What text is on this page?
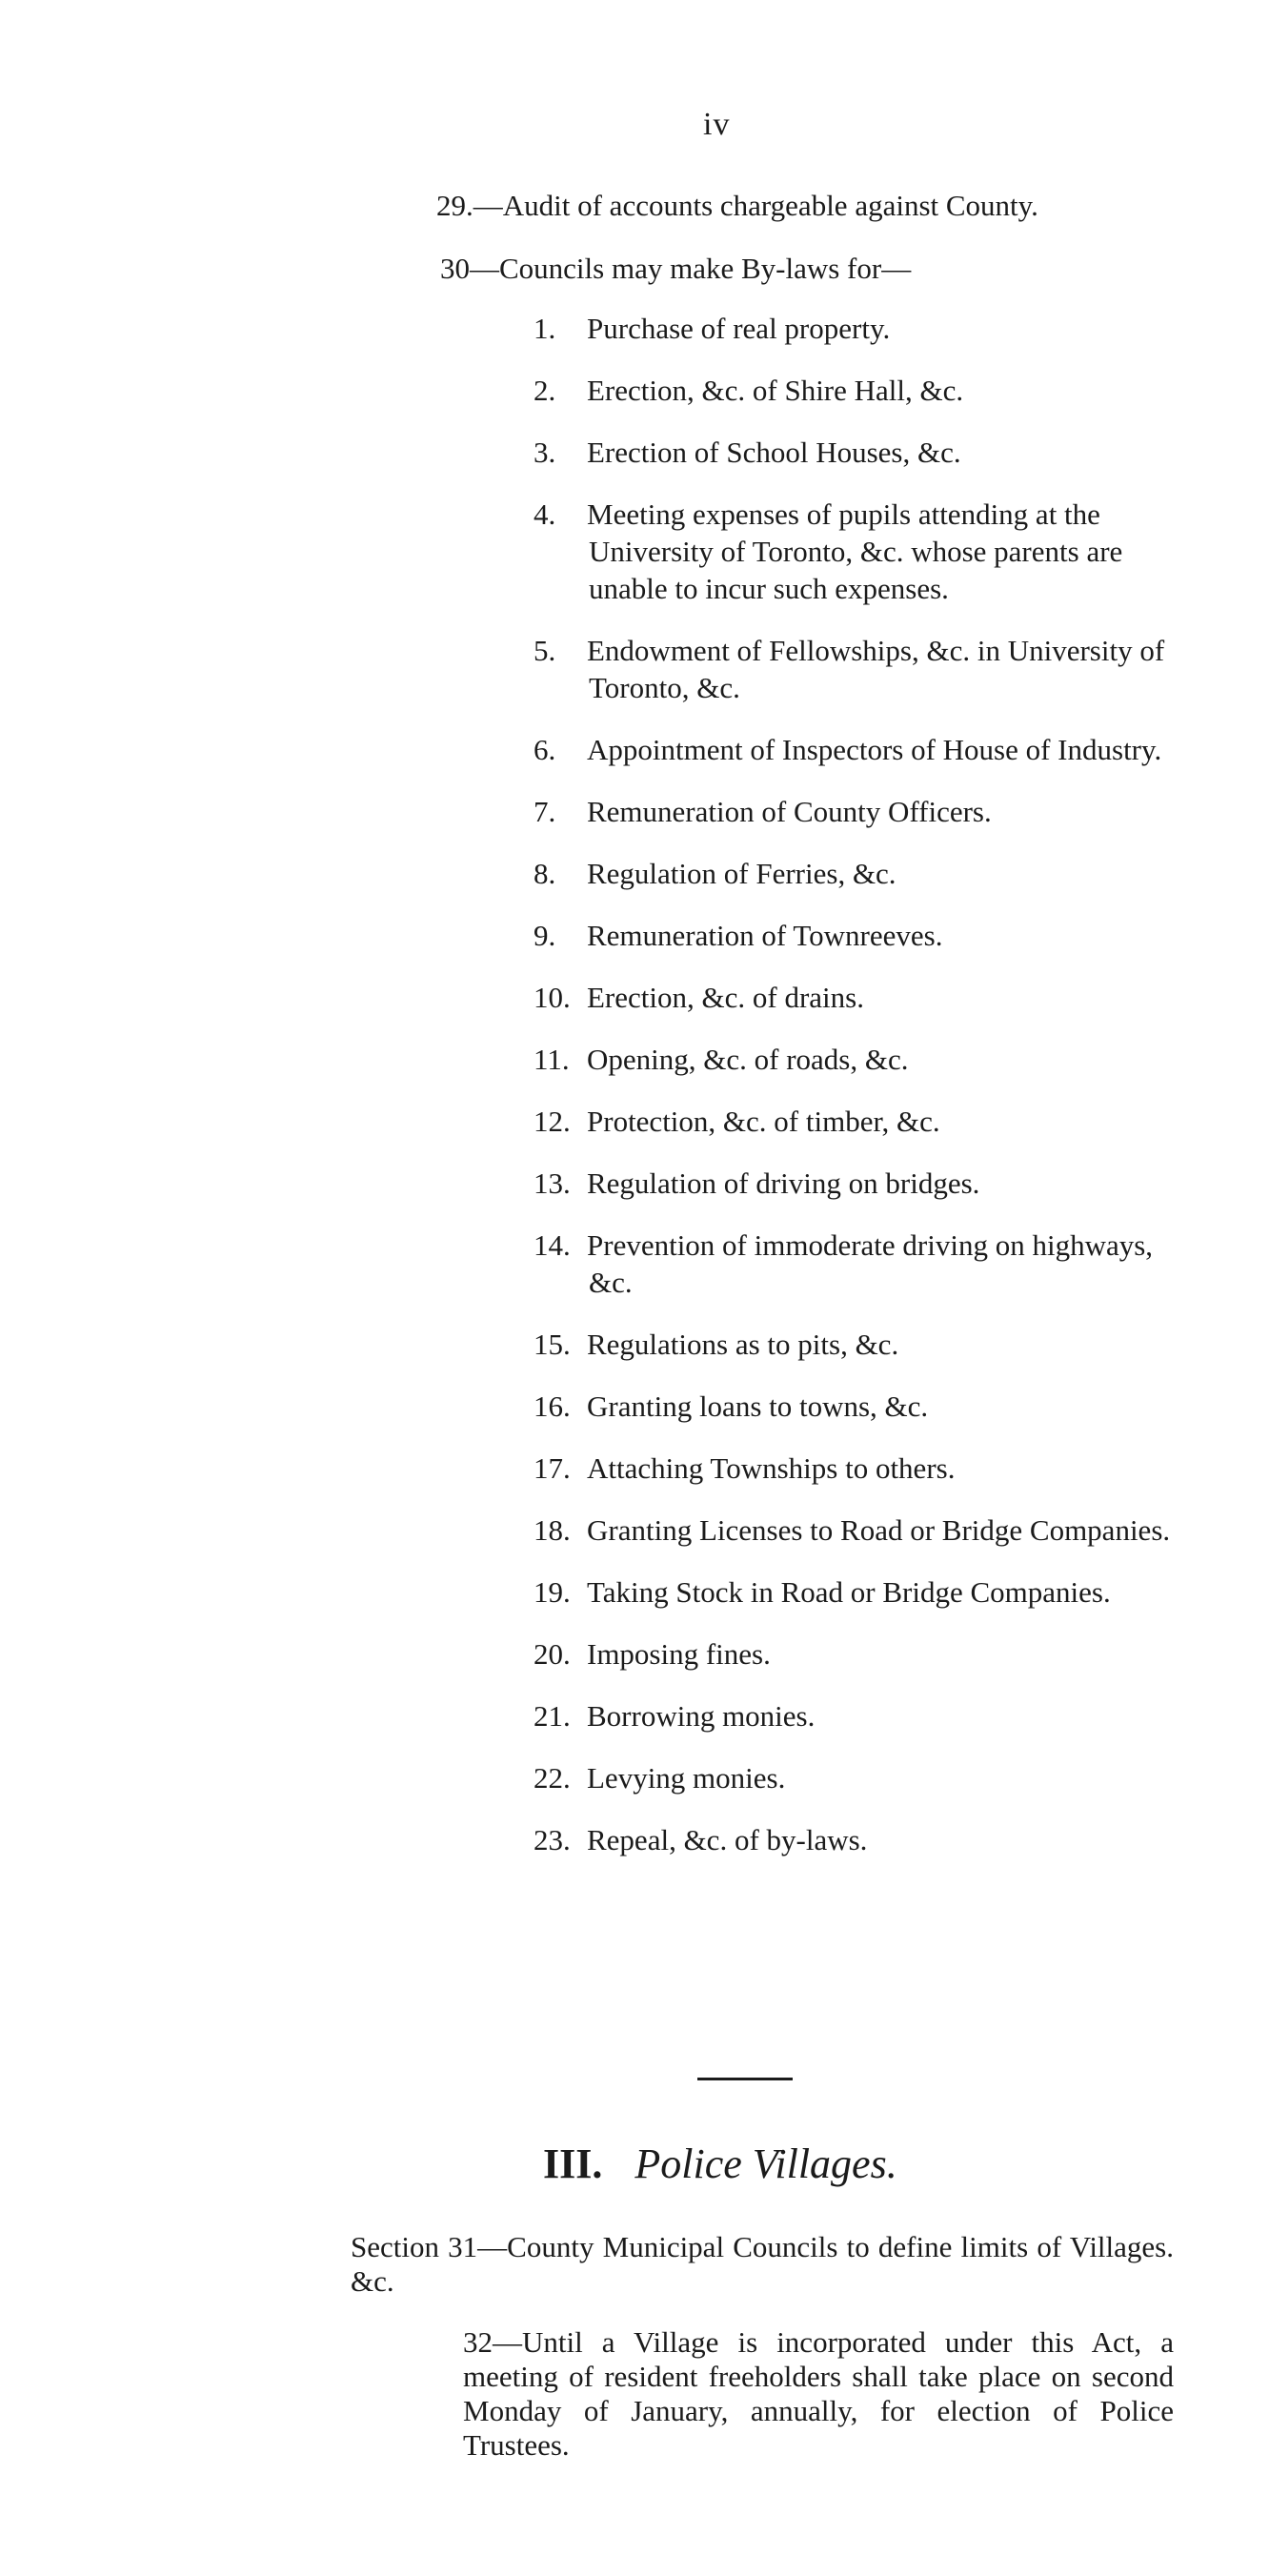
iv
29.—Audit of accounts chargeable against County.
30—Councils may make By-laws for—
1. Purchase of real property.
2. Erection, &c. of Shire Hall, &c.
3. Erection of School Houses, &c.
4. Meeting expenses of pupils attending at the University of Toronto, &c. whose parents are unable to incur such expenses.
5. Endowment of Fellowships, &c. in University of Toronto, &c.
6. Appointment of Inspectors of House of Industry.
7. Remuneration of County Officers.
8. Regulation of Ferries, &c.
9. Remuneration of Townreeves.
10. Erection, &c. of drains.
11. Opening, &c. of roads, &c.
12. Protection, &c. of timber, &c.
13. Regulation of driving on bridges.
14. Prevention of immoderate driving on highways, &c.
15. Regulations as to pits, &c.
16. Granting loans to towns, &c.
17. Attaching Townships to others.
18. Granting Licenses to Road or Bridge Companies.
19. Taking Stock in Road or Bridge Companies.
20. Imposing fines.
21. Borrowing monies.
22. Levying monies.
23. Repeal, &c. of by-laws.
III. Police Villages.
Section 31—County Municipal Councils to define limits of Villages. &c.
32—Until a Village is incorporated under this Act, a meeting of resident freeholders shall take place on second Monday of January, annually, for election of Police Trustees.
